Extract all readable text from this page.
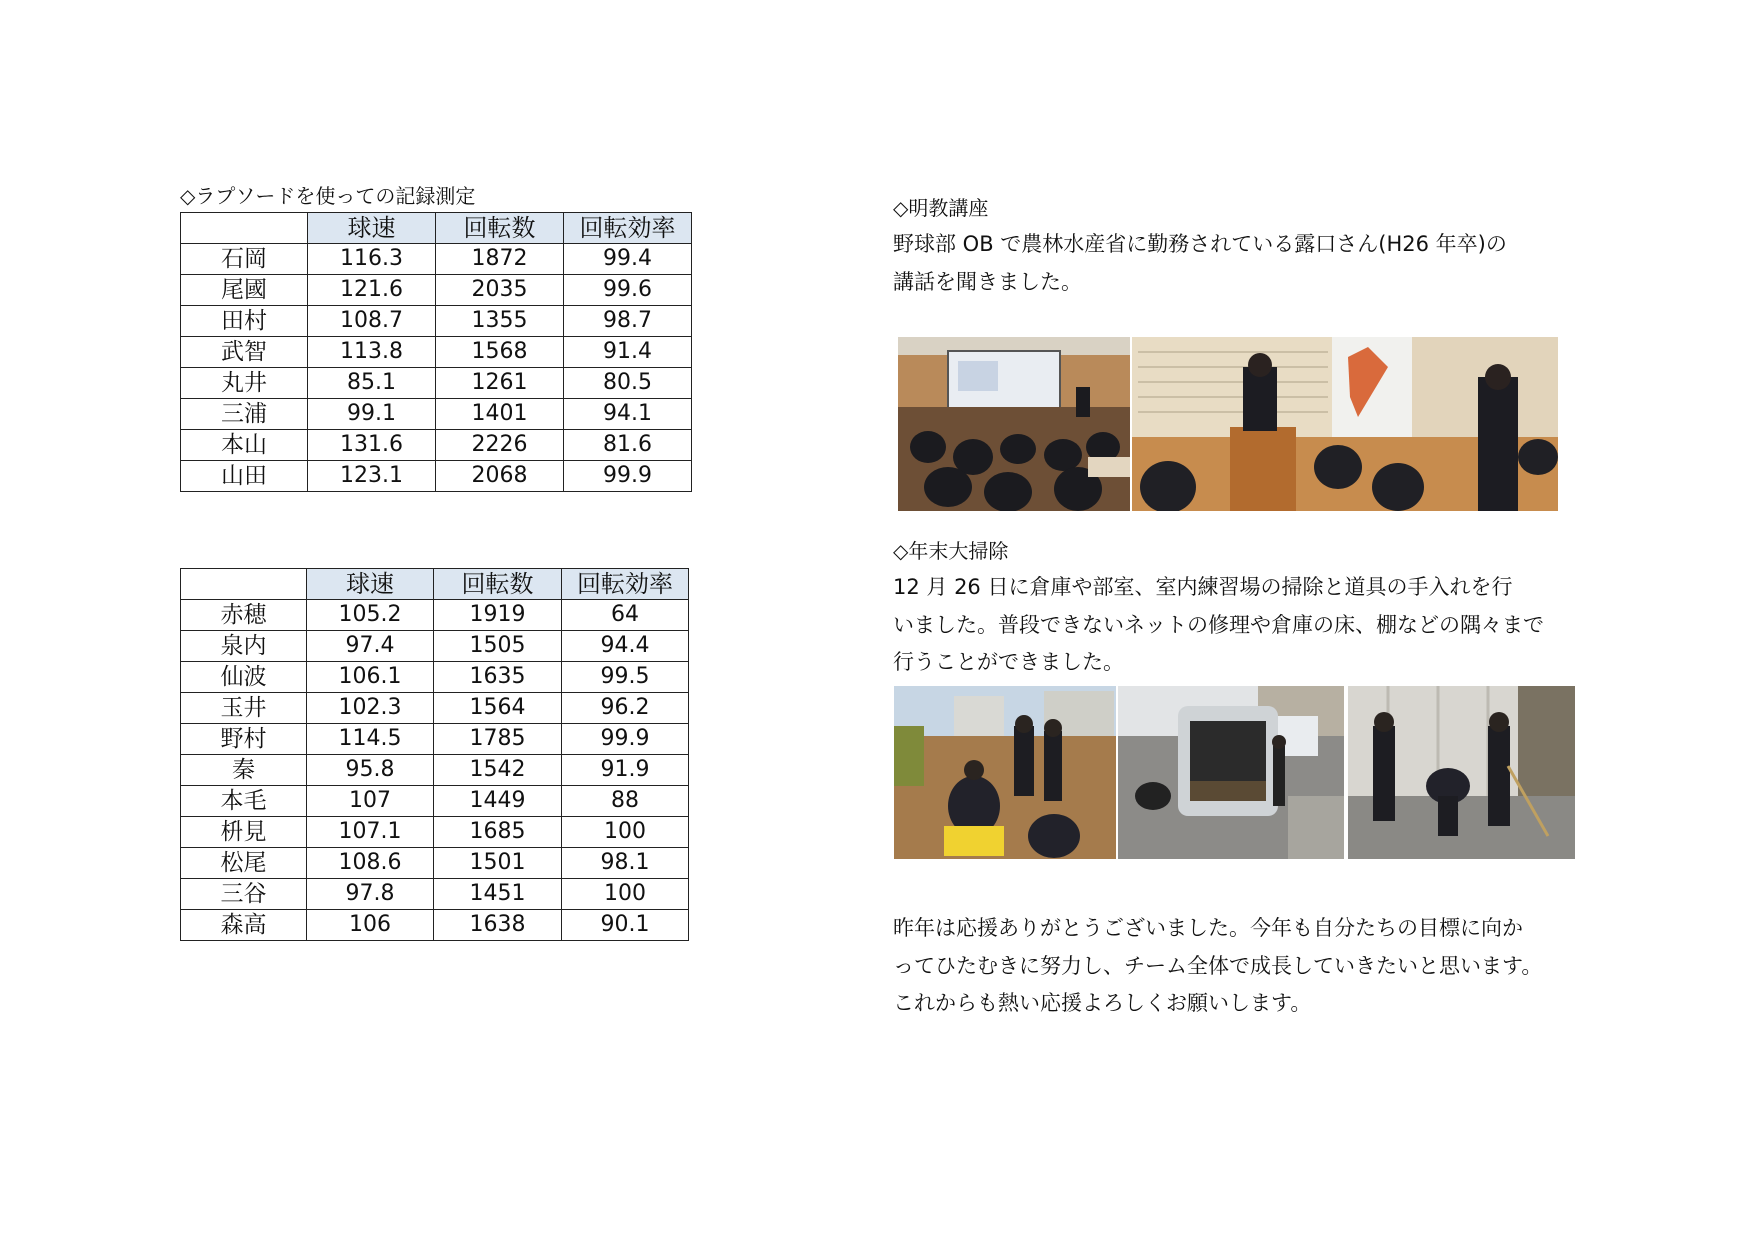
◇ラプソードを使っての記録測定
	球速	回転数	回転効率
石岡	116.3	1872	99.4
尾國	121.6	2035	99.6
田村	108.7	1355	98.7
武智	113.8	1568	91.4
丸井	85.1	1261	80.5
三浦	99.1	1401	94.1
本山	131.6	2226	81.6
山田	123.1	2068	99.9
	球速	回転数	回転効率
赤穂	105.2	1919	64
泉内	97.4	1505	94.4
仙波	106.1	1635	99.5
玉井	102.3	1564	96.2
野村	114.5	1785	99.9
秦	95.8	1542	91.9
本毛	107	1449	88
枡見	107.1	1685	100
松尾	108.6	1501	98.1
三谷	97.8	1451	100
森高	106	1638	90.1
◇明教講座
野球部 OB で農林水産省に勤務されている露口さん(H26 年卒)の
講話を聞きました。
◇年末大掃除
12 月 26 日に倉庫や部室、室内練習場の掃除と道具の手入れを行
いました。普段できないネットの修理や倉庫の床、棚などの隅々まで
行うことができました。
昨年は応援ありがとうございました。今年も自分たちの目標に向か
ってひたむきに努力し、チーム全体で成長していきたいと思います。
これからも熱い応援よろしくお願いします。
